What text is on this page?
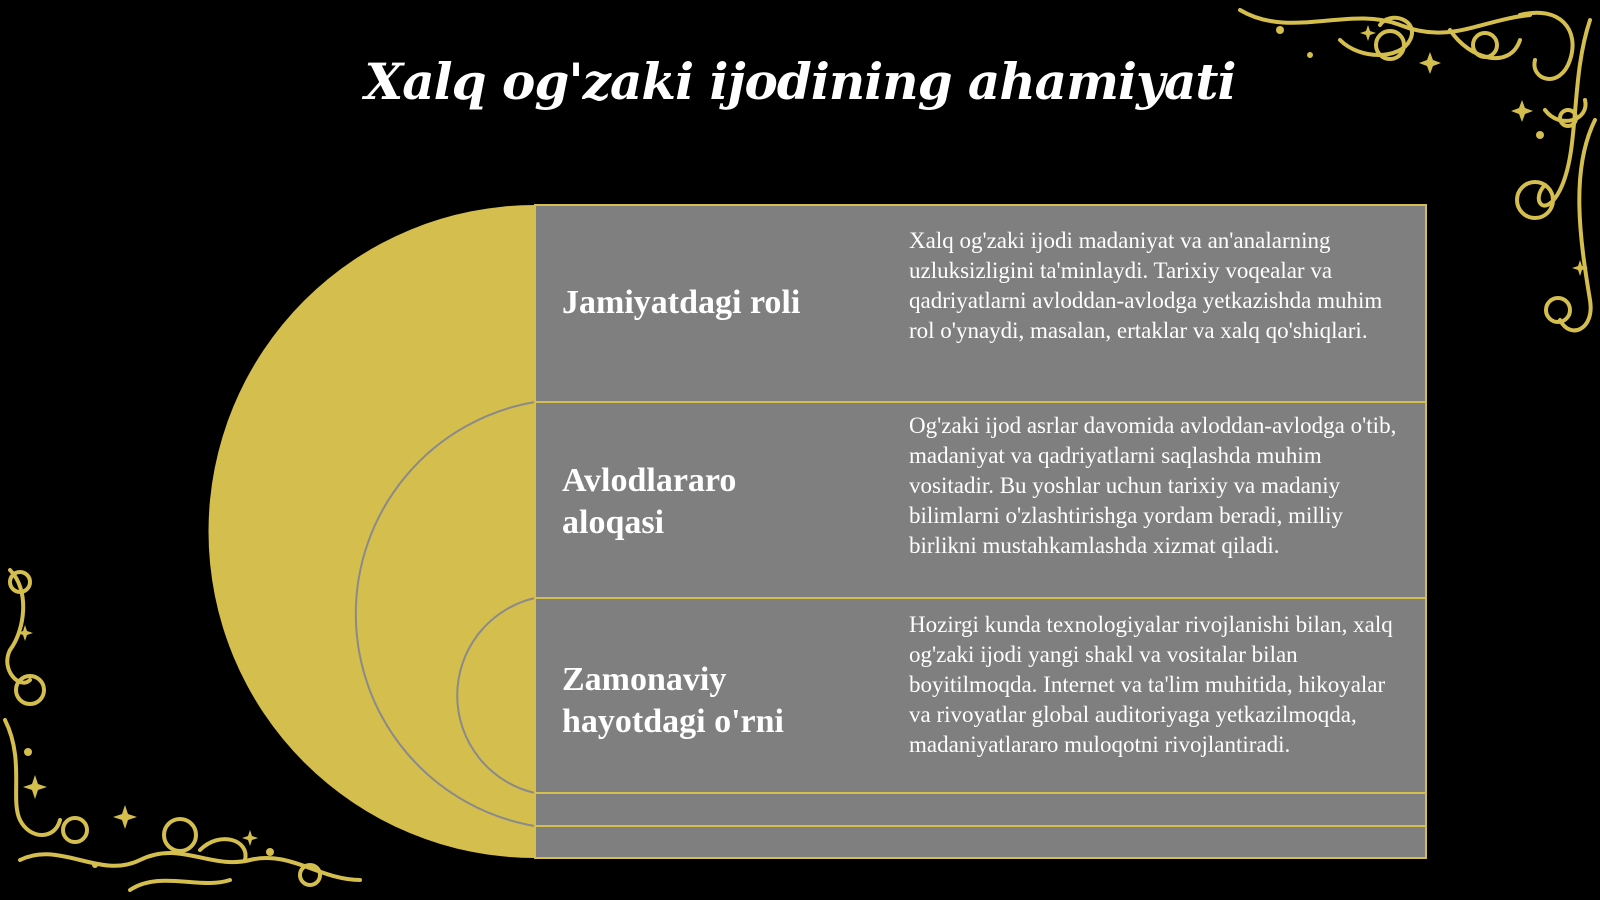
Xalq og'zaki ijodining ahamiyati
Jamiyatdagi roli
Xalq og'zaki ijodi madaniyat va an'analarning uzluksizligini ta'minlaydi. Tarixiy voqealar va qadriyatlarni avloddan-avlodga yetkazishda muhim rol o'ynaydi, masalan, ertaklar va xalq qo'shiqlari.
Avlodlararo aloqasi
Og'zaki ijod asrlar davomida avloddan-avlodga o'tib, madaniyat va qadriyatlarni saqlashda muhim vositadir. Bu yoshlar uchun tarixiy va madaniy bilimlarni o'zlashtirishga yordam beradi, milliy birlikni mustahkamlashda xizmat qiladi.
Zamonaviy hayotdagi o'rni
Hozirgi kunda texnologiyalar rivojlanishi bilan, xalq og'zaki ijodi yangi shakl va vositalar bilan boyitilmoqda. Internet va ta'lim muhitida, hikoyalar va rivoyatlar global auditoriyaga yetkazilmoqda, madaniyatlararo muloqotni rivojlantiradi.
